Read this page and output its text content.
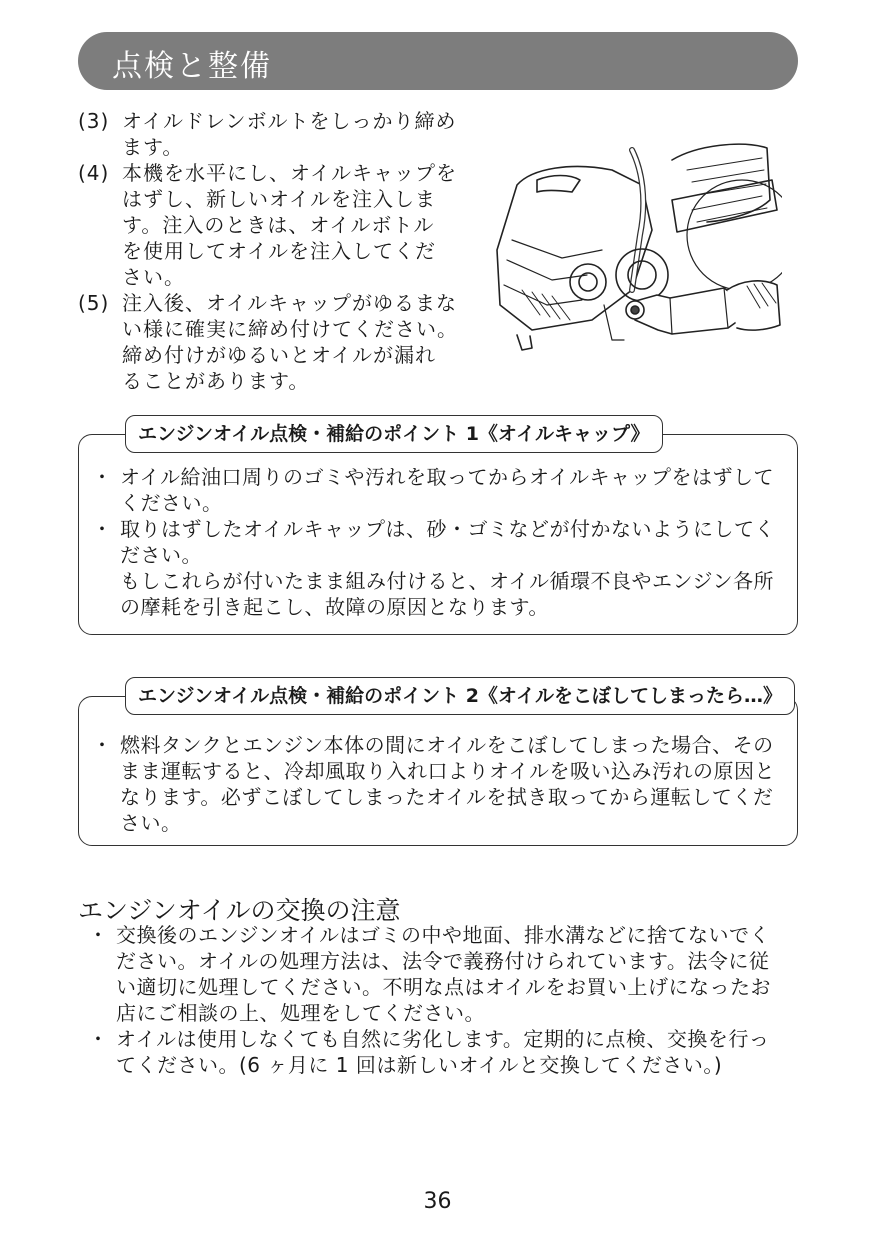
点検と整備
(3) オイルドレンボルトをしっかり締め
ます。
(4) 本機を水平にし、オイルキャップを
はずし、新しいオイルを注入しま
す。注入のときは、オイルボトル
を使用してオイルを注入してくだ
さい。
(5) 注入後、オイルキャップがゆるまな
い様に確実に締め付けてください。
締め付けがゆるいとオイルが漏れ
ることがあります。
エンジンオイル点検・補給のポイント 1《オイルキャップ》
・ オイル給油口周りのゴミや汚れを取ってからオイルキャップをはずして
ください。
・ 取りはずしたオイルキャップは、砂・ゴミなどが付かないようにしてく
ださい。
もしこれらが付いたまま組み付けると、オイル循環不良やエンジン各所
の摩耗を引き起こし、故障の原因となります。
エンジンオイル点検・補給のポイント 2《オイルをこぼしてしまったら…》
・ 燃料タンクとエンジン本体の間にオイルをこぼしてしまった場合、その
まま運転すると、冷却風取り入れ口よりオイルを吸い込み汚れの原因と
なります。必ずこぼしてしまったオイルを拭き取ってから運転してくだ
さい。
エンジンオイルの交換の注意
・ 交換後のエンジンオイルはゴミの中や地面、排水溝などに捨てないでく
ださい。オイルの処理方法は、法令で義務付けられています。法令に従
い適切に処理してください。不明な点はオイルをお買い上げになったお
店にご相談の上、処理をしてください。
・ オイルは使用しなくても自然に劣化します。定期的に点検、交換を行っ
てください。(6 ヶ月に 1 回は新しいオイルと交換してください。)
36
